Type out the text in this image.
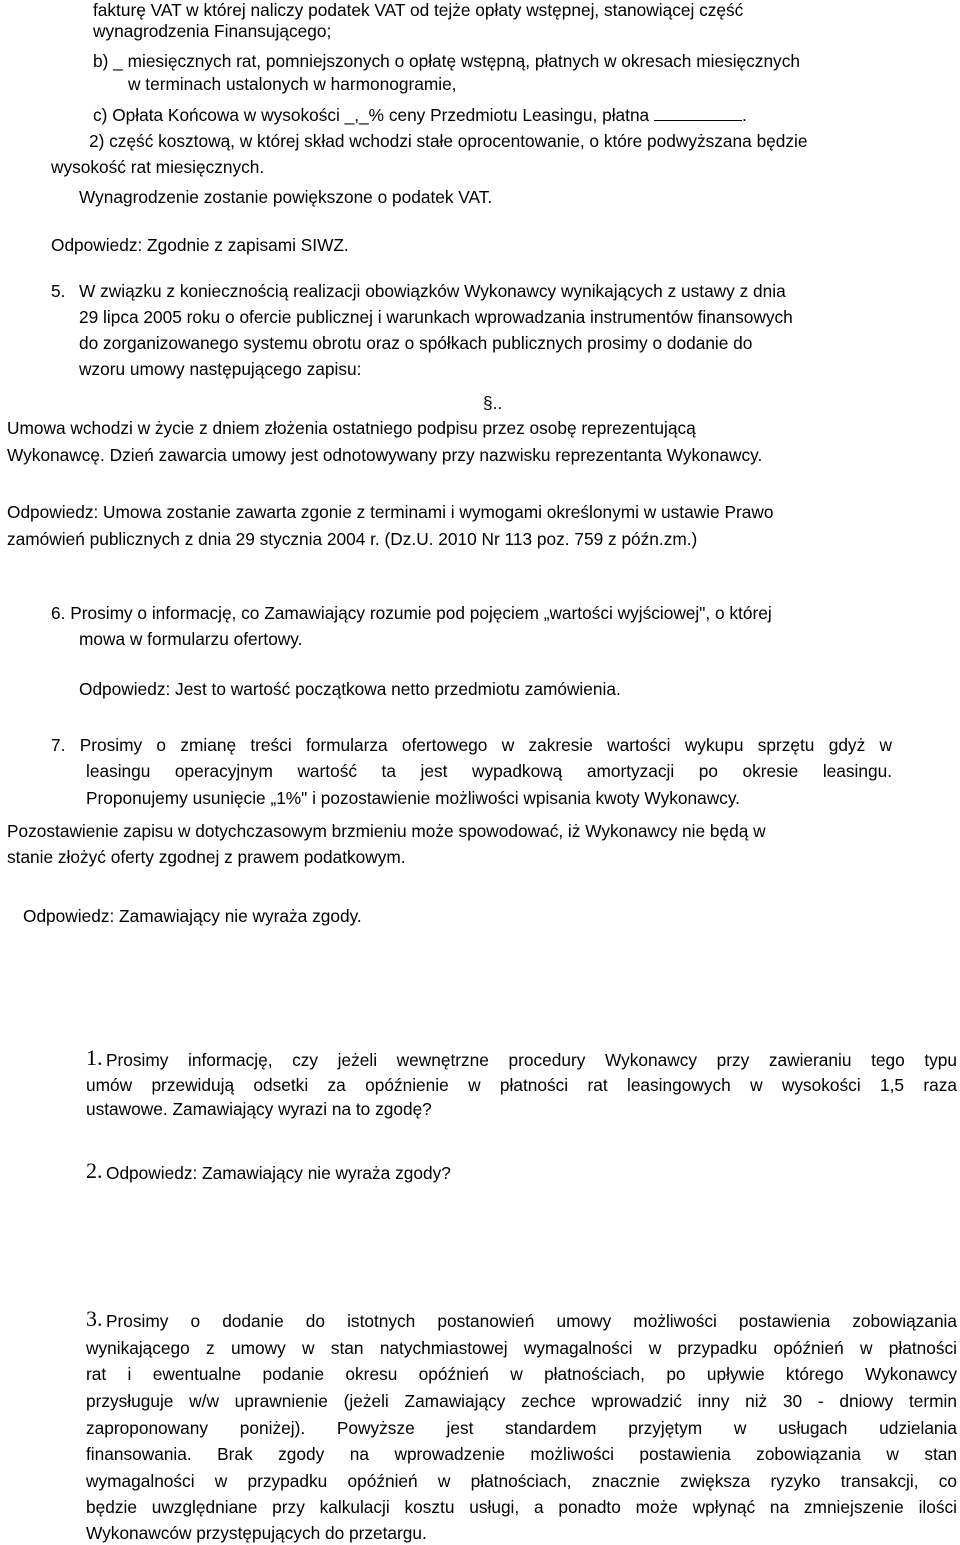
fakturę VAT w której naliczy podatek VAT od tejże opłaty wstępnej, stanowiącej część
wynagrodzenia Finansującego;
b) _ miesięcznych rat, pomniejszonych o opłatę wstępną, płatnych w okresach miesięcznych
w terminach ustalonych w harmonogramie,
c) Opłata Końcowa w wysokości _,_% ceny Przedmiotu Leasingu, płatna	.
2) część kosztową, w której skład wchodzi stałe oprocentowanie, o które podwyższana będzie
wysokość rat miesięcznych.
Wynagrodzenie zostanie powiększone o podatek VAT.
Odpowiedz: Zgodnie z zapisami SIWZ.
5. W związku z koniecznością realizacji obowiązków Wykonawcy wynikających z ustawy z dnia
29 lipca 2005 roku o ofercie publicznej i warunkach wprowadzania instrumentów finansowych
do zorganizowanego systemu obrotu oraz o spółkach publicznych prosimy o dodanie do
wzoru umowy następującego zapisu:
§..
Umowa wchodzi w życie z dniem złożenia ostatniego podpisu przez osobę reprezentującą
Wykonawcę. Dzień zawarcia umowy jest odnotowywany przy nazwisku reprezentanta Wykonawcy.
Odpowiedz: Umowa zostanie zawarta zgonie z terminami i wymogami określonymi w ustawie Prawo
zamówień publicznych z dnia 29 stycznia 2004 r. (Dz.U. 2010 Nr 113 poz. 759 z późn.zm.)
6. Prosimy o informację, co Zamawiający rozumie pod pojęciem „wartości wyjściowej", o której
mowa w formularzu ofertowy.
Odpowiedz: Jest to wartość początkowa netto przedmiotu zamówienia.
7. Prosimy o zmianę treści formularza ofertowego w zakresie wartości wykupu sprzętu gdyż w
leasingu operacyjnym wartość ta jest wypadkową amortyzacji po okresie leasingu.
Proponujemy usunięcie „1%" i pozostawienie możliwości wpisania kwoty Wykonawcy.
Pozostawienie zapisu w dotychczasowym brzmieniu może spowodować, iż Wykonawcy nie będą w
stanie złożyć oferty zgodnej z prawem podatkowym.
Odpowiedz: Zamawiający nie wyraża zgody.
1. Prosimy informację, czy jeżeli wewnętrzne procedury Wykonawcy przy zawieraniu tego typu
umów przewidują odsetki za opóźnienie w płatności rat leasingowych w wysokości 1,5 raza
ustawowe. Zamawiający wyrazi na to zgodę?
2. Odpowiedz: Zamawiający nie wyraża zgody?
3. Prosimy o dodanie do istotnych postanowień umowy możliwości postawienia zobowiązania
wynikającego z umowy w stan natychmiastowej wymagalności w przypadku opóźnień w płatności
rat i ewentualne podanie okresu opóźnień w płatnościach, po upływie którego Wykonawcy
przysługuje w/w uprawnienie (jeżeli Zamawiający zechce wprowadzić inny niż 30 - dniowy termin
zaproponowany poniżej). Powyższe jest standardem przyjętym w usługach udzielania
finansowania. Brak zgody na wprowadzenie możliwości postawienia zobowiązania w stan
wymagalności w przypadku opóźnień w płatnościach, znacznie zwiększa ryzyko transakcji, co
będzie uwzględniane przy kalkulacji kosztu usługi, a ponadto może wpłynąć na zmniejszenie ilości
Wykonawców przystępujących do przetargu.
